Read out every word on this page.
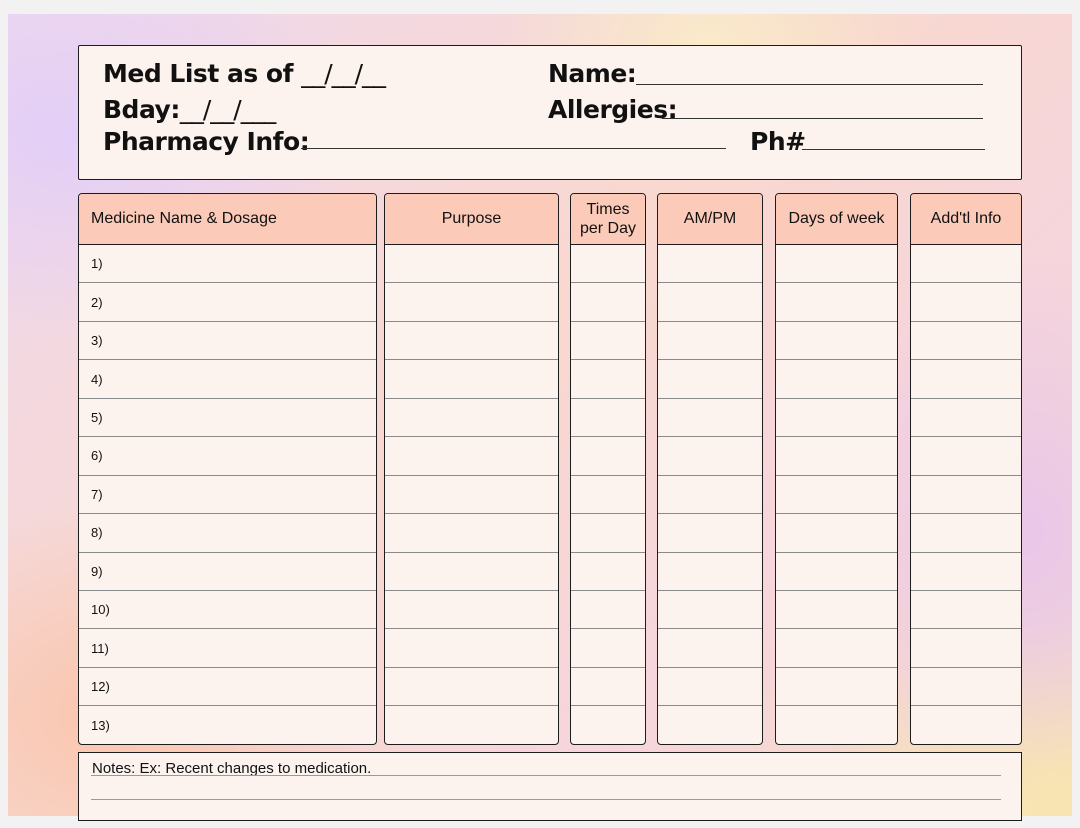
Med List as of __/__/__
Bday:__/__/___
Pharmacy Info:
Name:
Allergies:
Ph#
Medicine Name & Dosage
1)
2)
3)
4)
5)
6)
7)
8)
9)
10)
11)
12)
13)
Purpose
Times per Day
AM/PM	Days of week	Add'tl Info
Notes: Ex: Recent changes to medication.
